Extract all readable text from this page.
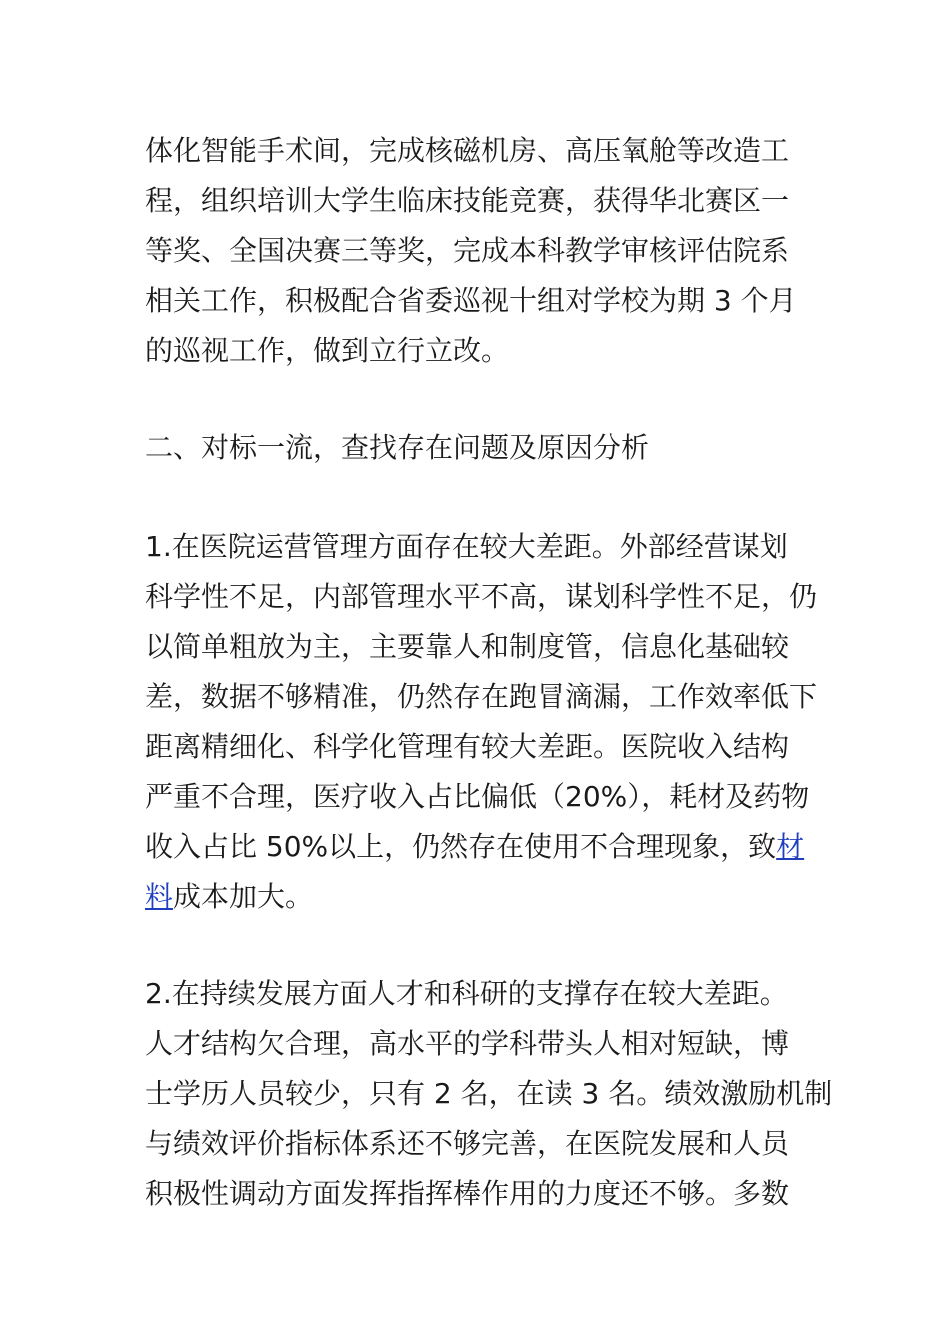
体化智能手术间，完成核磁机房、高压氧舱等改造工
程，组织培训大学生临床技能竞赛，获得华北赛区一
等奖、全国决赛三等奖，完成本科教学审核评估院系
相关工作，积极配合省委巡视十组对学校为期 3 个月
的巡视工作，做到立行立改。
二、对标一流，查找存在问题及原因分析
1.在医院运营管理方面存在较大差距。外部经营谋划
科学性不足，内部管理水平不高，谋划科学性不足，仍
以简单粗放为主，主要靠人和制度管，信息化基础较
差，数据不够精准，仍然存在跑冒滴漏，工作效率低下
距离精细化、科学化管理有较大差距。医院收入结构
严重不合理，医疗收入占比偏低（20%），耗材及药物
收入占比 50%以上，仍然存在使用不合理现象，致材
料成本加大。
2.在持续发展方面人才和科研的支撑存在较大差距。
人才结构欠合理，高水平的学科带头人相对短缺，博
士学历人员较少，只有 2 名，在读 3 名。绩效激励机制
与绩效评价指标体系还不够完善，在医院发展和人员
积极性调动方面发挥指挥棒作用的力度还不够。多数
